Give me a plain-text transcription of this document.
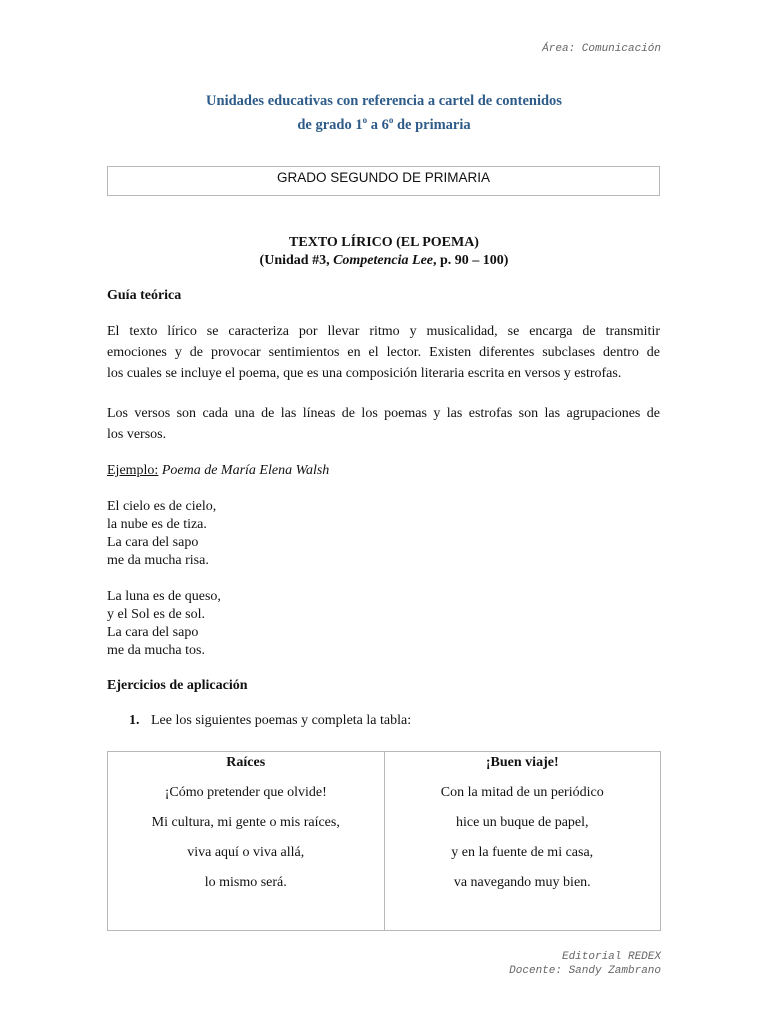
Área: Comunicación
Unidades educativas con referencia a cartel de contenidos
de grado 1$^o$ a 6$^o$ de primaria
GRADO SEGUNDO DE PRIMARIA
TEXTO LÍRICO (EL POEMA)
(Unidad #3, Competencia Lee, p. 90 – 100)
Guía teórica
El texto lírico se caracteriza por llevar ritmo y musicalidad, se encarga de transmitir
emociones y de provocar sentimientos en el lector. Existen diferentes subclases dentro de
los cuales se incluye el poema, que es una composición literaria escrita en versos y estrofas.
Los versos son cada una de las líneas de los poemas y las estrofas son las agrupaciones de
los versos.
Ejemplo: Poema de María Elena Walsh
El cielo es de cielo,
la nube es de tiza.
La cara del sapo
me da mucha risa.
La luna es de queso,
y el Sol es de sol.
La cara del sapo
me da mucha tos.
Ejercicios de aplicación
1. Lee los siguientes poemas y completa la tabla:
Raíces
¡Cómo pretender que olvide!
Mi cultura, mi gente o mis raíces,
viva aquí o viva allá,
lo mismo será.

¡Buen viaje!
Con la mitad de un periódico
hice un buque de papel,
y en la fuente de mi casa,
va navegando muy bien.
Editorial REDEX
Docente: Sandy Zambrano
